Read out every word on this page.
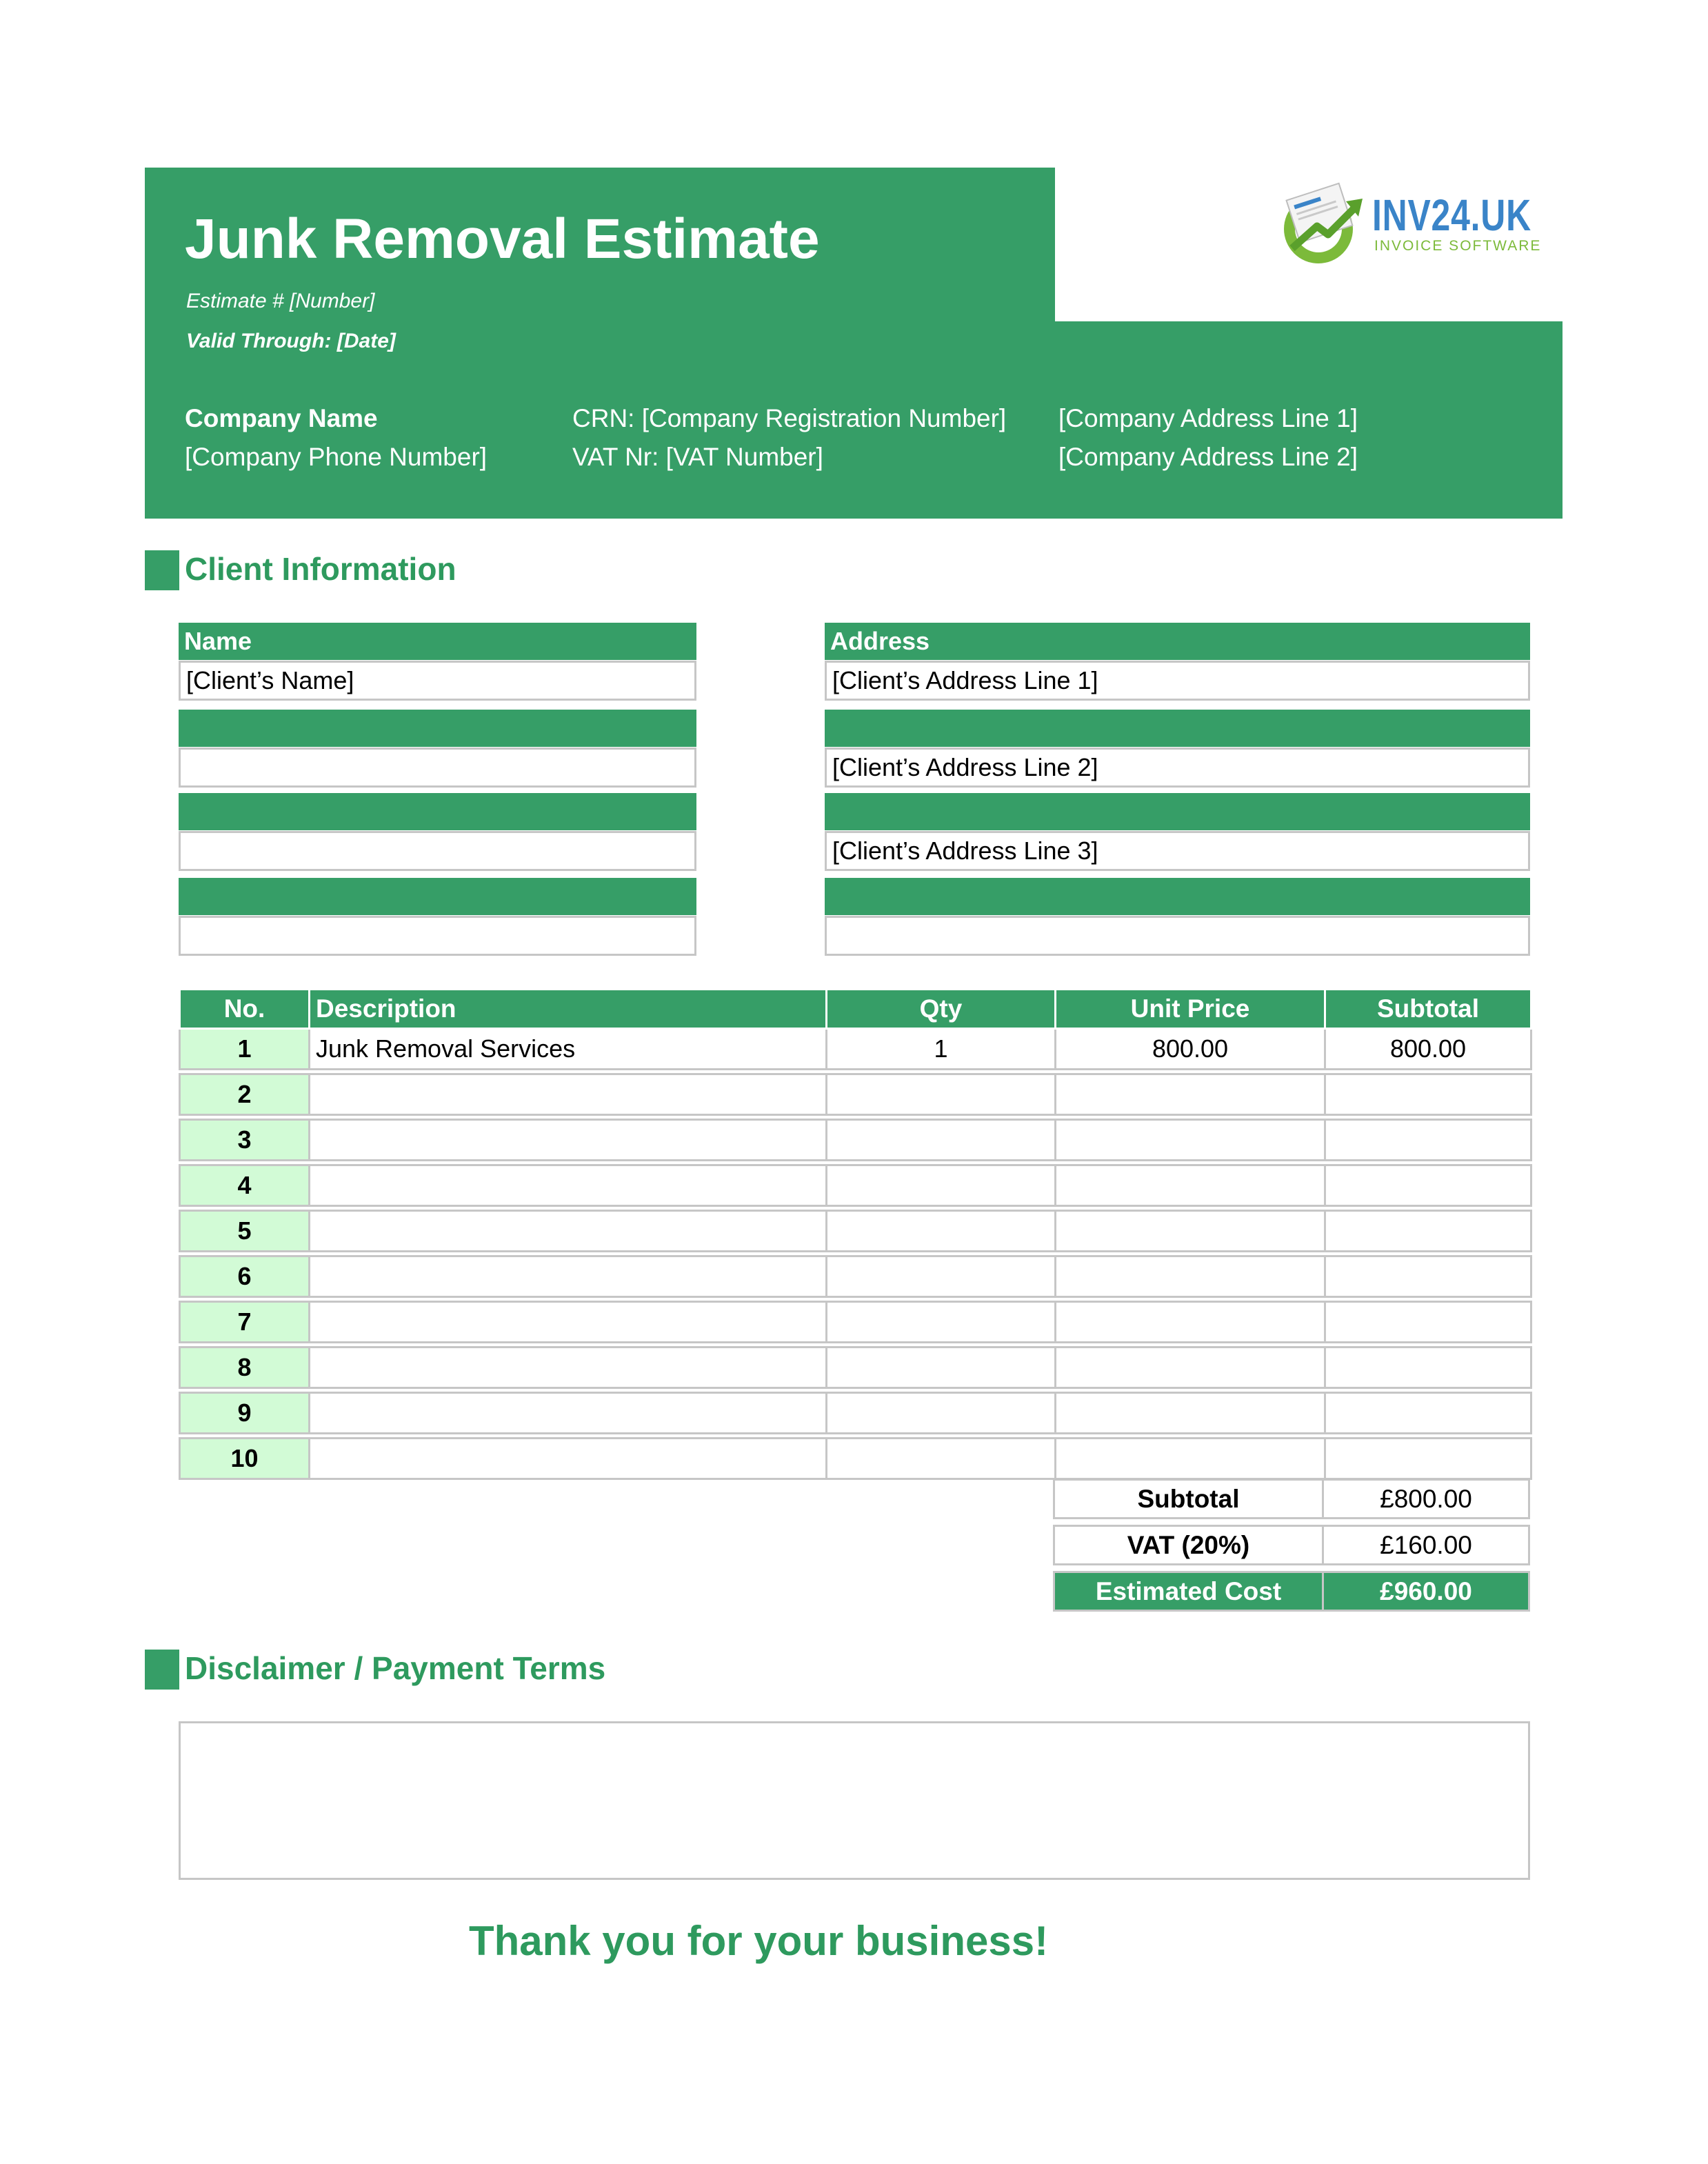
Junk Removal Estimate
Estimate # [Number]
Valid Through: [Date]
Company Name
[Company Phone Number]
CRN: [Company Registration Number]
VAT Nr: [VAT Number]
[Company Address Line 1]
[Company Address Line 2]
INV24.UK
INVOICE SOFTWARE
Client Information
Name
[Client’s Name]
Address
[Client’s Address Line 1]
[Client’s Address Line 2]
[Client’s Address Line 3]
No.	Description	Qty	Unit Price	Subtotal
1	Junk Removal Services	1	800.00	800.00

2				

3				

4				

5				

6				

7				

8				

9				

10				
Subtotal	£800.00
VAT (20%)	£160.00
Estimated Cost	£960.00
Disclaimer / Payment Terms
Thank you for your business!
